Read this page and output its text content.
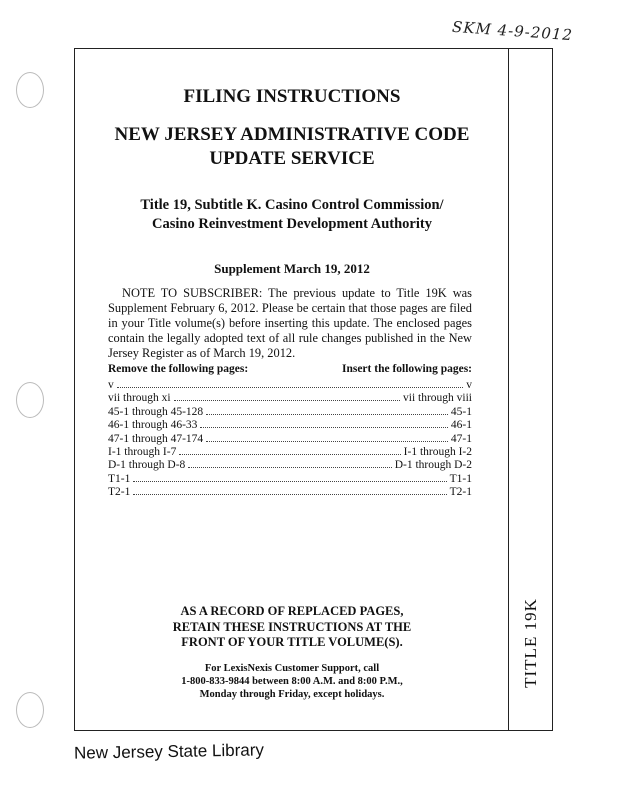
SKM 4-9-2012
TITLE 19K
FILING INSTRUCTIONS
NEW JERSEY ADMINISTRATIVE CODE
UPDATE SERVICE
Title 19, Subtitle K. Casino Control Commission/
Casino Reinvestment Development Authority
Supplement March 19, 2012
NOTE TO SUBSCRIBER: The previous update to Title 19K was Supplement February 6, 2012. Please be certain that those pages are filed in your Title volume(s) before inserting this update. The enclosed pages contain the legally adopted text of all rule changes published in the New Jersey Register as of March 19, 2012.
Remove the following pages:	Insert the following pages:
v	v
vii through xi	vii through viii
45-1 through 45-128	45-1
46-1 through 46-33	46-1
47-1 through 47-174	47-1
I-1 through I-7	I-1 through I-2
D-1 through D-8	D-1 through D-2
T1-1	T1-1
T2-1	T2-1
AS A RECORD OF REPLACED PAGES,
RETAIN THESE INSTRUCTIONS AT THE
FRONT OF YOUR TITLE VOLUME(S).
For LexisNexis Customer Support, call
1-800-833-9844 between 8:00 A.M. and 8:00 P.M.,
Monday through Friday, except holidays.
New Jersey State Library
